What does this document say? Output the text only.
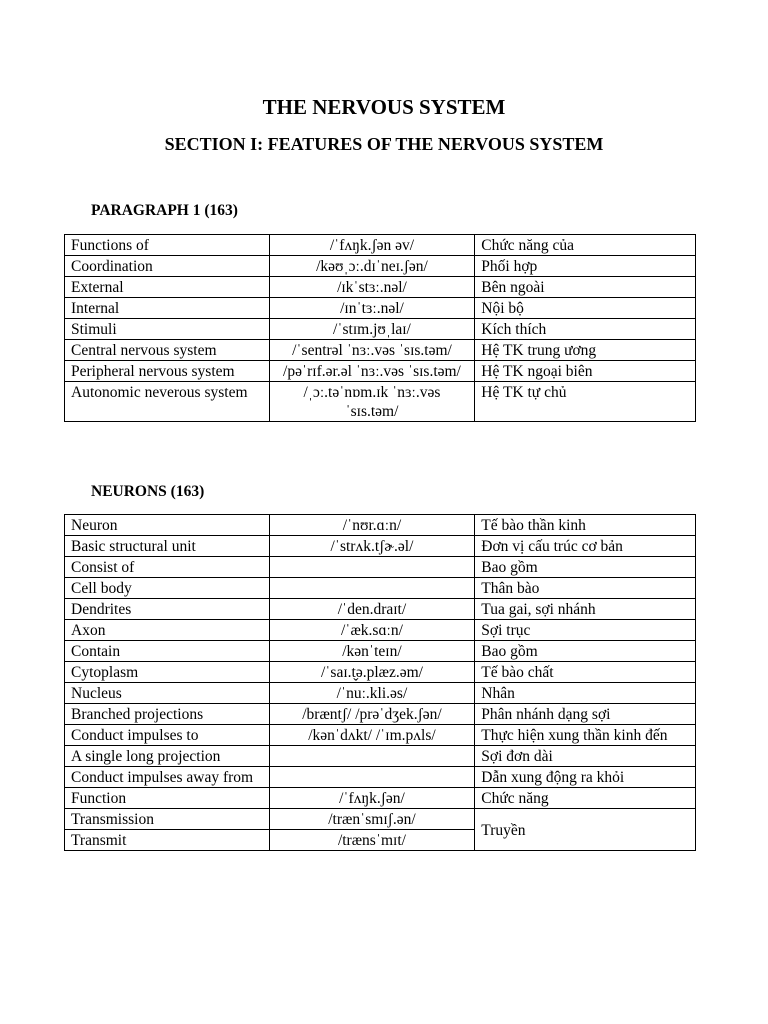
THE NERVOUS SYSTEM
SECTION I: FEATURES OF THE NERVOUS SYSTEM
PARAGRAPH 1 (163)
Functions of	/ˈfʌŋk.ʃən əv/	Chức năng của
Coordination	/kəʊˌɔː.dɪˈneɪ.ʃən/	Phối hợp
External	/ɪkˈstɜː.nəl/	Bên ngoài
Internal	/ɪnˈtɜː.nəl/	Nội bộ
Stimuli	/ˈstɪm.jʊˌlaɪ/	Kích thích
Central nervous system	/ˈsentrəl ˈnɜː.vəs ˈsɪs.təm/	Hệ TK trung ương
Peripheral nervous system	/pəˈrɪf.ər.əl ˈnɜː.vəs ˈsɪs.təm/	Hệ TK ngoại biên
Autonomic neverous system	/ˌɔː.təˈnɒm.ɪk ˈnɜː.vəs ˈsɪs.təm/	Hệ TK tự chủ
NEURONS (163)
Neuron	/ˈnʊr.ɑːn/	Tế bào thần kinh
Basic structural unit	/ˈstrʌk.tʃɚ.əl/	Đơn vị cấu trúc cơ bản
Consist of		Bao gồm
Cell body		Thân bào
Dendrites	/ˈden.draɪt/	Tua gai, sợi nhánh
Axon	/ˈæk.sɑːn/	Sợi trục
Contain	/kənˈteɪn/	Bao gồm
Cytoplasm	/ˈsaɪ.t̬ə.plæz.əm/	Tế bào chất
Nucleus	/ˈnuː.kli.əs/	Nhân
Branched projections	/bræntʃ/ /prəˈdʒek.ʃən/	Phân nhánh dạng sợi
Conduct impulses to	/kənˈdʌkt/ /ˈɪm.pʌls/	Thực hiện xung thần kinh đến
A single long projection		Sợi đơn dài
Conduct impulses away from		Dẫn xung động ra khỏi
Function	/ˈfʌŋk.ʃən/	Chức năng
Transmission	/trænˈsmɪʃ.ən/	Truyền
Transmit	/trænsˈmɪt/	
